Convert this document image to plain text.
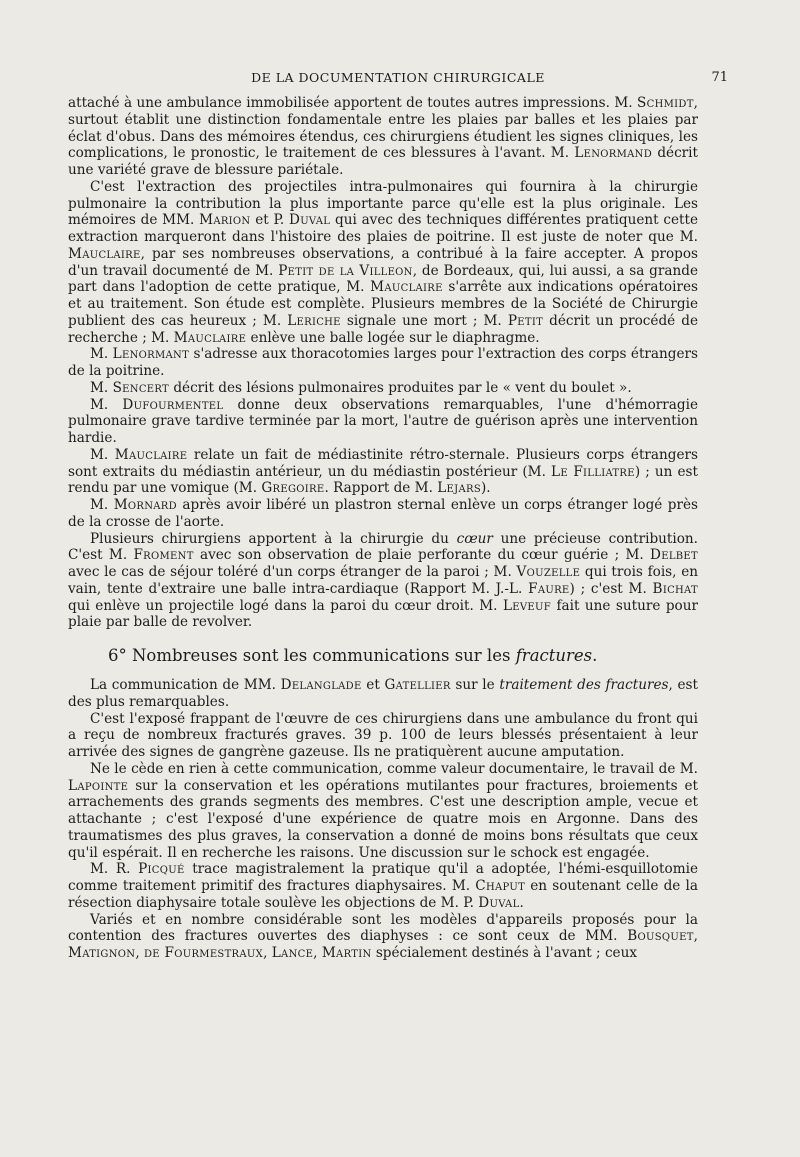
DE LA DOCUMENTATION CHIRURGICALE	71

attaché à une ambulance immobilisée apportent de toutes autres impressions. M. Schmidt, surtout établit une distinction fondamentale entre les plaies par balles et les plaies par éclat d'obus. Dans des mémoires étendus, ces chirurgiens étudient les signes cliniques, les complications, le pronostic, le traitement de ces blessures à l'avant. M. Lenormand décrit une variété grave de blessure pariétale.

C'est l'extraction des projectiles intra-pulmonaires qui fournira à la chirurgie pulmonaire la contribution la plus importante parce qu'elle est la plus originale. Les mémoires de MM. Marion et P. Duval qui avec des techniques différentes pratiquent cette extraction marqueront dans l'histoire des plaies de poitrine. Il est juste de noter que M. Mauclaire, par ses nombreuses observations, a contribué à la faire accepter. A propos d'un travail documenté de M. Petit de la Villeon, de Bordeaux, qui, lui aussi, a sa grande part dans l'adoption de cette pratique, M. Mauclaire s'arrête aux indications opératoires et au traitement. Son étude est complète. Plusieurs membres de la Société de Chirurgie publient des cas heureux ; M. Leriche signale une mort ; M. Petit décrit un procédé de recherche ; M. Mauclaire enlève une balle logée sur le diaphragme.

M. Lenormant s'adresse aux thoracotomies larges pour l'extraction des corps étrangers de la poitrine.

M. Sencert décrit des lésions pulmonaires produites par le « vent du boulet ».

M. Dufourmentel donne deux observations remarquables, l'une d'hémorragie pulmonaire grave tardive terminée par la mort, l'autre de guérison après une intervention hardie.

M. Mauclaire relate un fait de médiastinite rétro-sternale. Plusieurs corps étrangers sont extraits du médiastin antérieur, un du médiastin postérieur (M. Le Filliatre) ; un est rendu par une vomique (M. Gregoire. Rapport de M. Lejars).

M. Mornard après avoir libéré un plastron sternal enlève un corps étranger logé près de la crosse de l'aorte.

Plusieurs chirurgiens apportent à la chirurgie du cœur une précieuse contribution. C'est M. Froment avec son observation de plaie perforante du cœur guérie ; M. Delbet avec le cas de séjour toléré d'un corps étranger de la paroi ; M. Vouzelle qui trois fois, en vain, tente d'extraire une balle intra-cardiaque (Rapport M. J.-L. Faure) ; c'est M. Bichat qui enlève un projectile logé dans la paroi du cœur droit. M. Leveuf fait une suture pour plaie par balle de revolver.

6° Nombreuses sont les communications sur les fractures.

La communication de MM. Delanglade et Gatellier sur le traitement des fractures, est des plus remarquables.

C'est l'exposé frappant de l'œuvre de ces chirurgiens dans une ambulance du front qui a reçu de nombreux fracturés graves. 39 p. 100 de leurs blessés présentaient à leur arrivée des signes de gangrène gazeuse. Ils ne pratiquèrent aucune amputation.

Ne le cède en rien à cette communication, comme valeur documentaire, le travail de M. Lapointe sur la conservation et les opérations mutilantes pour fractures, broiements et arrachements des grands segments des membres. C'est une description ample, vecue et attachante ; c'est l'exposé d'une expérience de quatre mois en Argonne. Dans des traumatismes des plus graves, la conservation a donné de moins bons résultats que ceux qu'il espérait. Il en recherche les raisons. Une discussion sur le schock est engagée.

M. R. Picqué trace magistralement la pratique qu'il a adoptée, l'hémi-esquillotomie comme traitement primitif des fractures diaphysaires. M. Chaput en soutenant celle de la résection diaphysaire totale soulève les objections de M. P. Duval.

Variés et en nombre considérable sont les modèles d'appareils proposés pour la contention des fractures ouvertes des diaphyses : ce sont ceux de MM. Bousquet, Matignon, de Fourmestraux, Lance, Martin spécialement destinés à l'avant ; ceux
